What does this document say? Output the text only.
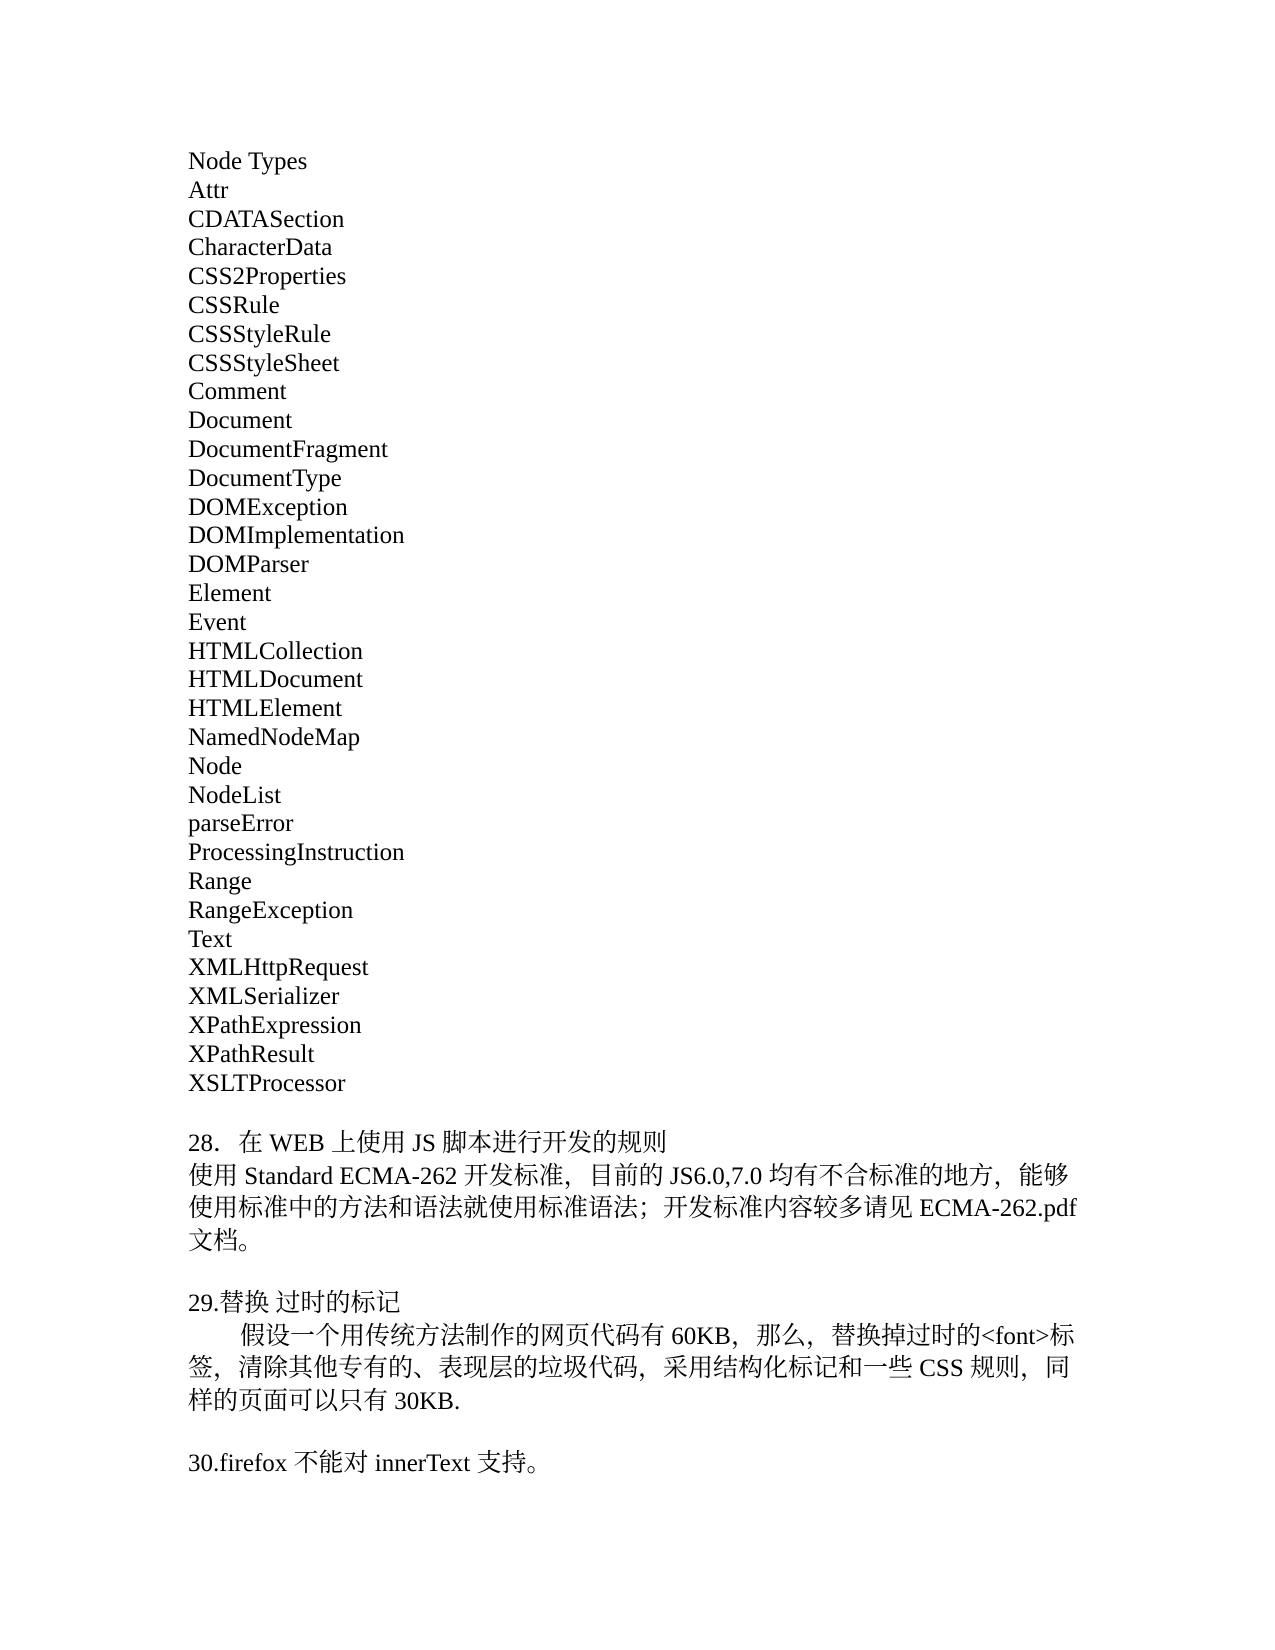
Node Types
Attr
CDATASection
CharacterData
CSS2Properties
CSSRule
CSSStyleRule
CSSStyleSheet
Comment
Document
DocumentFragment
DocumentType
DOMException
DOMImplementation
DOMParser
Element
Event
HTMLCollection
HTMLDocument
HTMLElement
NamedNodeMap
Node
NodeList
parseError
ProcessingInstruction
Range
RangeException
Text
XMLHttpRequest
XMLSerializer
XPathExpression
XPathResult
XSLTProcessor

28．在 WEB 上使用 JS 脚本进行开发的规则

使用 Standard ECMA-262 开发标准，目前的 JS6.0,7.0 均有不合标准的地方，能够使用标准中的方法和语法就使用标准语法；开发标准内容较多请见 ECMA-262.pdf 文档。

29.替换 过时的标记

假设一个用传统方法制作的网页代码有 60KB，那么，替换掉过时的<font>标签，清除其他专有的、表现层的垃圾代码，采用结构化标记和一些 CSS 规则，同样的页面可以只有 30KB.

30.firefox 不能对 innerText 支持。
